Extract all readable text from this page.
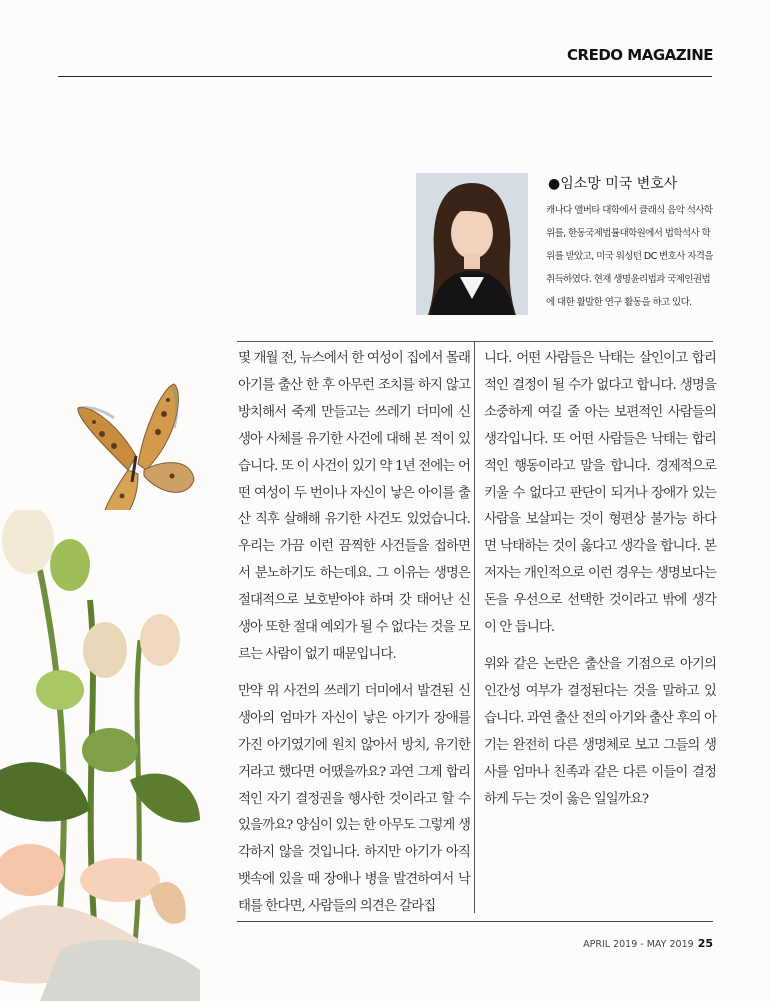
CREDO MAGAZINE
●임소망 미국 변호사
캐나다 앨버타 대학에서 클래식 음악 석사학위를, 한동국제법률대학원에서 법학석사 학위를 받았고, 미국 워싱턴 DC 변호사 자격을 취득하였다. 현재 생명윤리법과 국제인권법에 대한 활발한 연구 활동을 하고 있다.

몇 개월 전, 뉴스에서 한 여성이 집에서 몰래 아기를 출산 한 후 아무런 조치를 하지 않고 방치해서 죽게 만들고는 쓰레기 더미에 신생아 사체를 유기한 사건에 대해 본 적이 있습니다. 또 이 사건이 있기 약 1년 전에는 어떤 여성이 두 번이나 자신이 낳은 아이를 출산 직후 살해해 유기한 사건도 있었습니다. 우리는 가끔 이런 끔찍한 사건들을 접하면서 분노하기도 하는데요. 그 이유는 생명은 절대적으로 보호받아야 하며 갓 태어난 신생아 또한 절대 예외가 될 수 없다는 것을 모르는 사람이 없기 때문입니다.

만약 위 사건의 쓰레기 더미에서 발견된 신생아의 엄마가 자신이 낳은 아기가 장애를 가진 아기였기에 원치 않아서 방치, 유기한 거라고 했다면 어땠을까요? 과연 그게 합리적인 자기 결정권을 행사한 것이라고 할 수 있을까요? 양심이 있는 한 아무도 그렇게 생각하지 않을 것입니다. 하지만 아기가 아직 뱃속에 있을 때 장애나 병을 발견하여서 낙태를 한다면, 사람들의 의견은 갈라집

니다. 어떤 사람들은 낙태는 살인이고 합리적인 결정이 될 수가 없다고 합니다. 생명을 소중하게 여길 줄 아는 보편적인 사람들의 생각입니다. 또 어떤 사람들은 낙태는 합리적인 행동이라고 말을 합니다. 경제적으로 키울 수 없다고 판단이 되거나 장애가 있는 사람을 보살피는 것이 형편상 불가능 하다면 낙태하는 것이 옳다고 생각을 합니다. 본 저자는 개인적으로 이런 경우는 생명보다는 돈을 우선으로 선택한 것이라고 밖에 생각이 안 듭니다.

위와 같은 논란은 출산을 기점으로 아기의 인간성 여부가 결정된다는 것을 말하고 있습니다. 과연 출산 전의 아기와 출산 후의 아기는 완전히 다른 생명체로 보고 그들의 생사를 엄마나 친족과 같은 다른 이들이 결정하게 두는 것이 옳은 일일까요?

APRIL 2019 - MAY 2019 25
